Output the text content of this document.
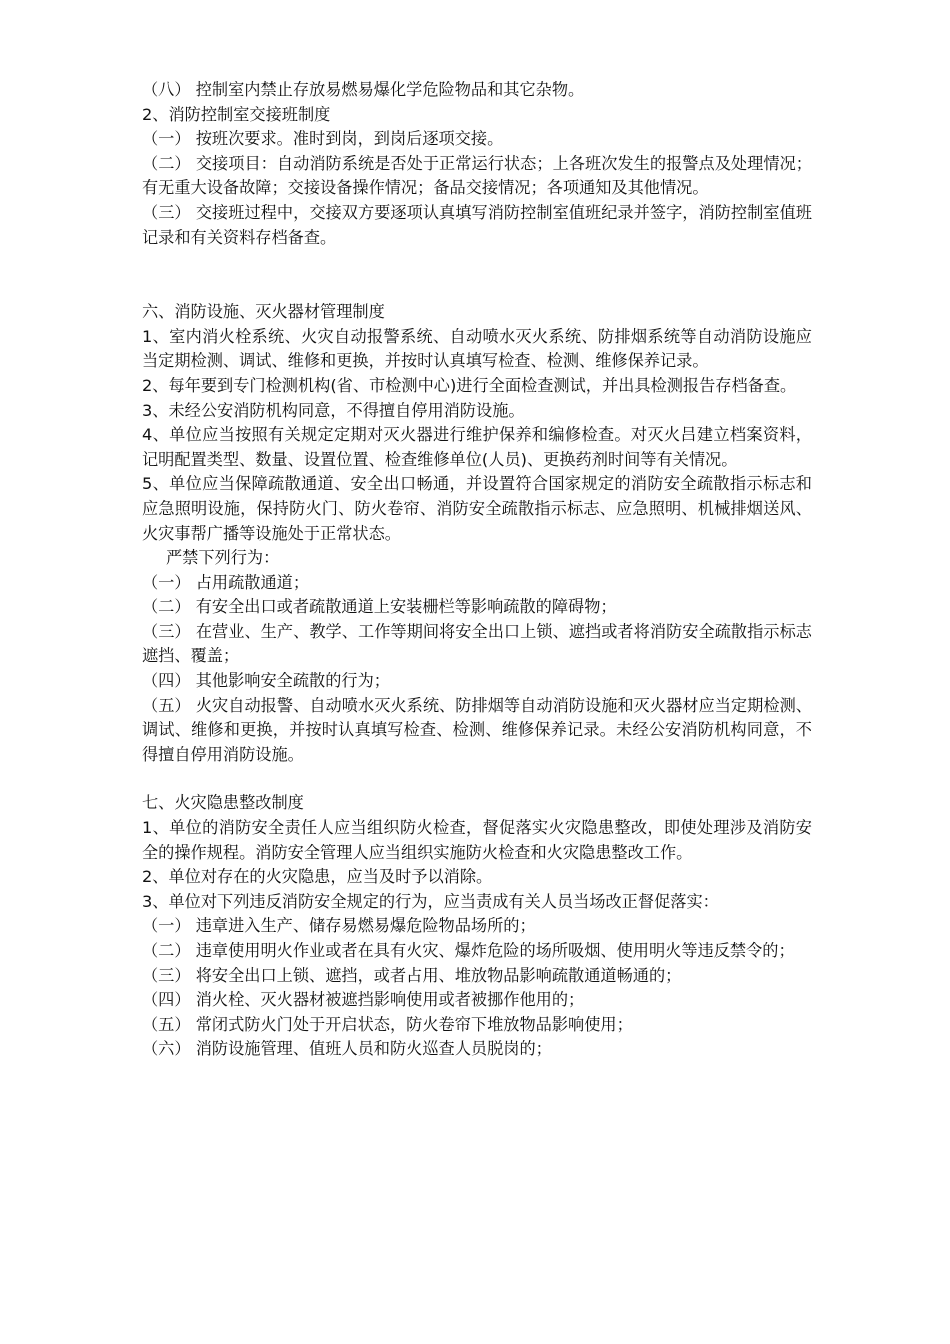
（八） 控制室内禁止存放易燃易爆化学危险物品和其它杂物。

2、消防控制室交接班制度

（一） 按班次要求。准时到岗，到岗后逐项交接。

（二） 交接项目：自动消防系统是否处于正常运行状态；上各班次发生的报警点及处理情况；有无重大设备故障；交接设备操作情况；备品交接情况；各项通知及其他情况。

（三） 交接班过程中，交接双方要逐项认真填写消防控制室值班纪录并签字，消防控制室值班记录和有关资料存档备查。

六、消防设施、灭火器材管理制度

1、室内消火栓系统、火灾自动报警系统、自动喷水灭火系统、防排烟系统等自动消防设施应当定期检测、调试、维修和更换，并按时认真填写检查、检测、维修保养记录。

2、每年要到专门检测机构(省、市检测中心)进行全面检查测试，并出具检测报告存档备查。

3、未经公安消防机构同意，不得擅自停用消防设施。

4、单位应当按照有关规定定期对灭火器进行维护保养和编修检查。对灭火吕建立档案资料，记明配置类型、数量、设置位置、检查维修单位(人员)、更换药剂时间等有关情况。

5、单位应当保障疏散通道、安全出口畅通，并设置符合国家规定的消防安全疏散指示标志和应急照明设施，保持防火门、防火卷帘、消防安全疏散指示标志、应急照明、机械排烟送风、火灾事帮广播等设施处于正常状态。

严禁下列行为：

（一） 占用疏散通道；

（二） 有安全出口或者疏散通道上安装栅栏等影响疏散的障碍物；

（三） 在营业、生产、教学、工作等期间将安全出口上锁、遮挡或者将消防安全疏散指示标志遮挡、覆盖；

（四） 其他影响安全疏散的行为；

（五） 火灾自动报警、自动喷水灭火系统、防排烟等自动消防设施和灭火器材应当定期检测、调试、维修和更换，并按时认真填写检查、检测、维修保养记录。未经公安消防机构同意，不得擅自停用消防设施。

七、火灾隐患整改制度

1、单位的消防安全责任人应当组织防火检查，督促落实火灾隐患整改，即使处理涉及消防安全的操作规程。消防安全管理人应当组织实施防火检查和火灾隐患整改工作。

2、单位对存在的火灾隐患，应当及时予以消除。

3、单位对下列违反消防安全规定的行为，应当责成有关人员当场改正督促落实：

（一） 违章进入生产、储存易燃易爆危险物品场所的；

（二） 违章使用明火作业或者在具有火灾、爆炸危险的场所吸烟、使用明火等违反禁令的；

（三） 将安全出口上锁、遮挡，或者占用、堆放物品影响疏散通道畅通的；

（四） 消火栓、灭火器材被遮挡影响使用或者被挪作他用的；

（五） 常闭式防火门处于开启状态，防火卷帘下堆放物品影响使用；

（六） 消防设施管理、值班人员和防火巡查人员脱岗的；
